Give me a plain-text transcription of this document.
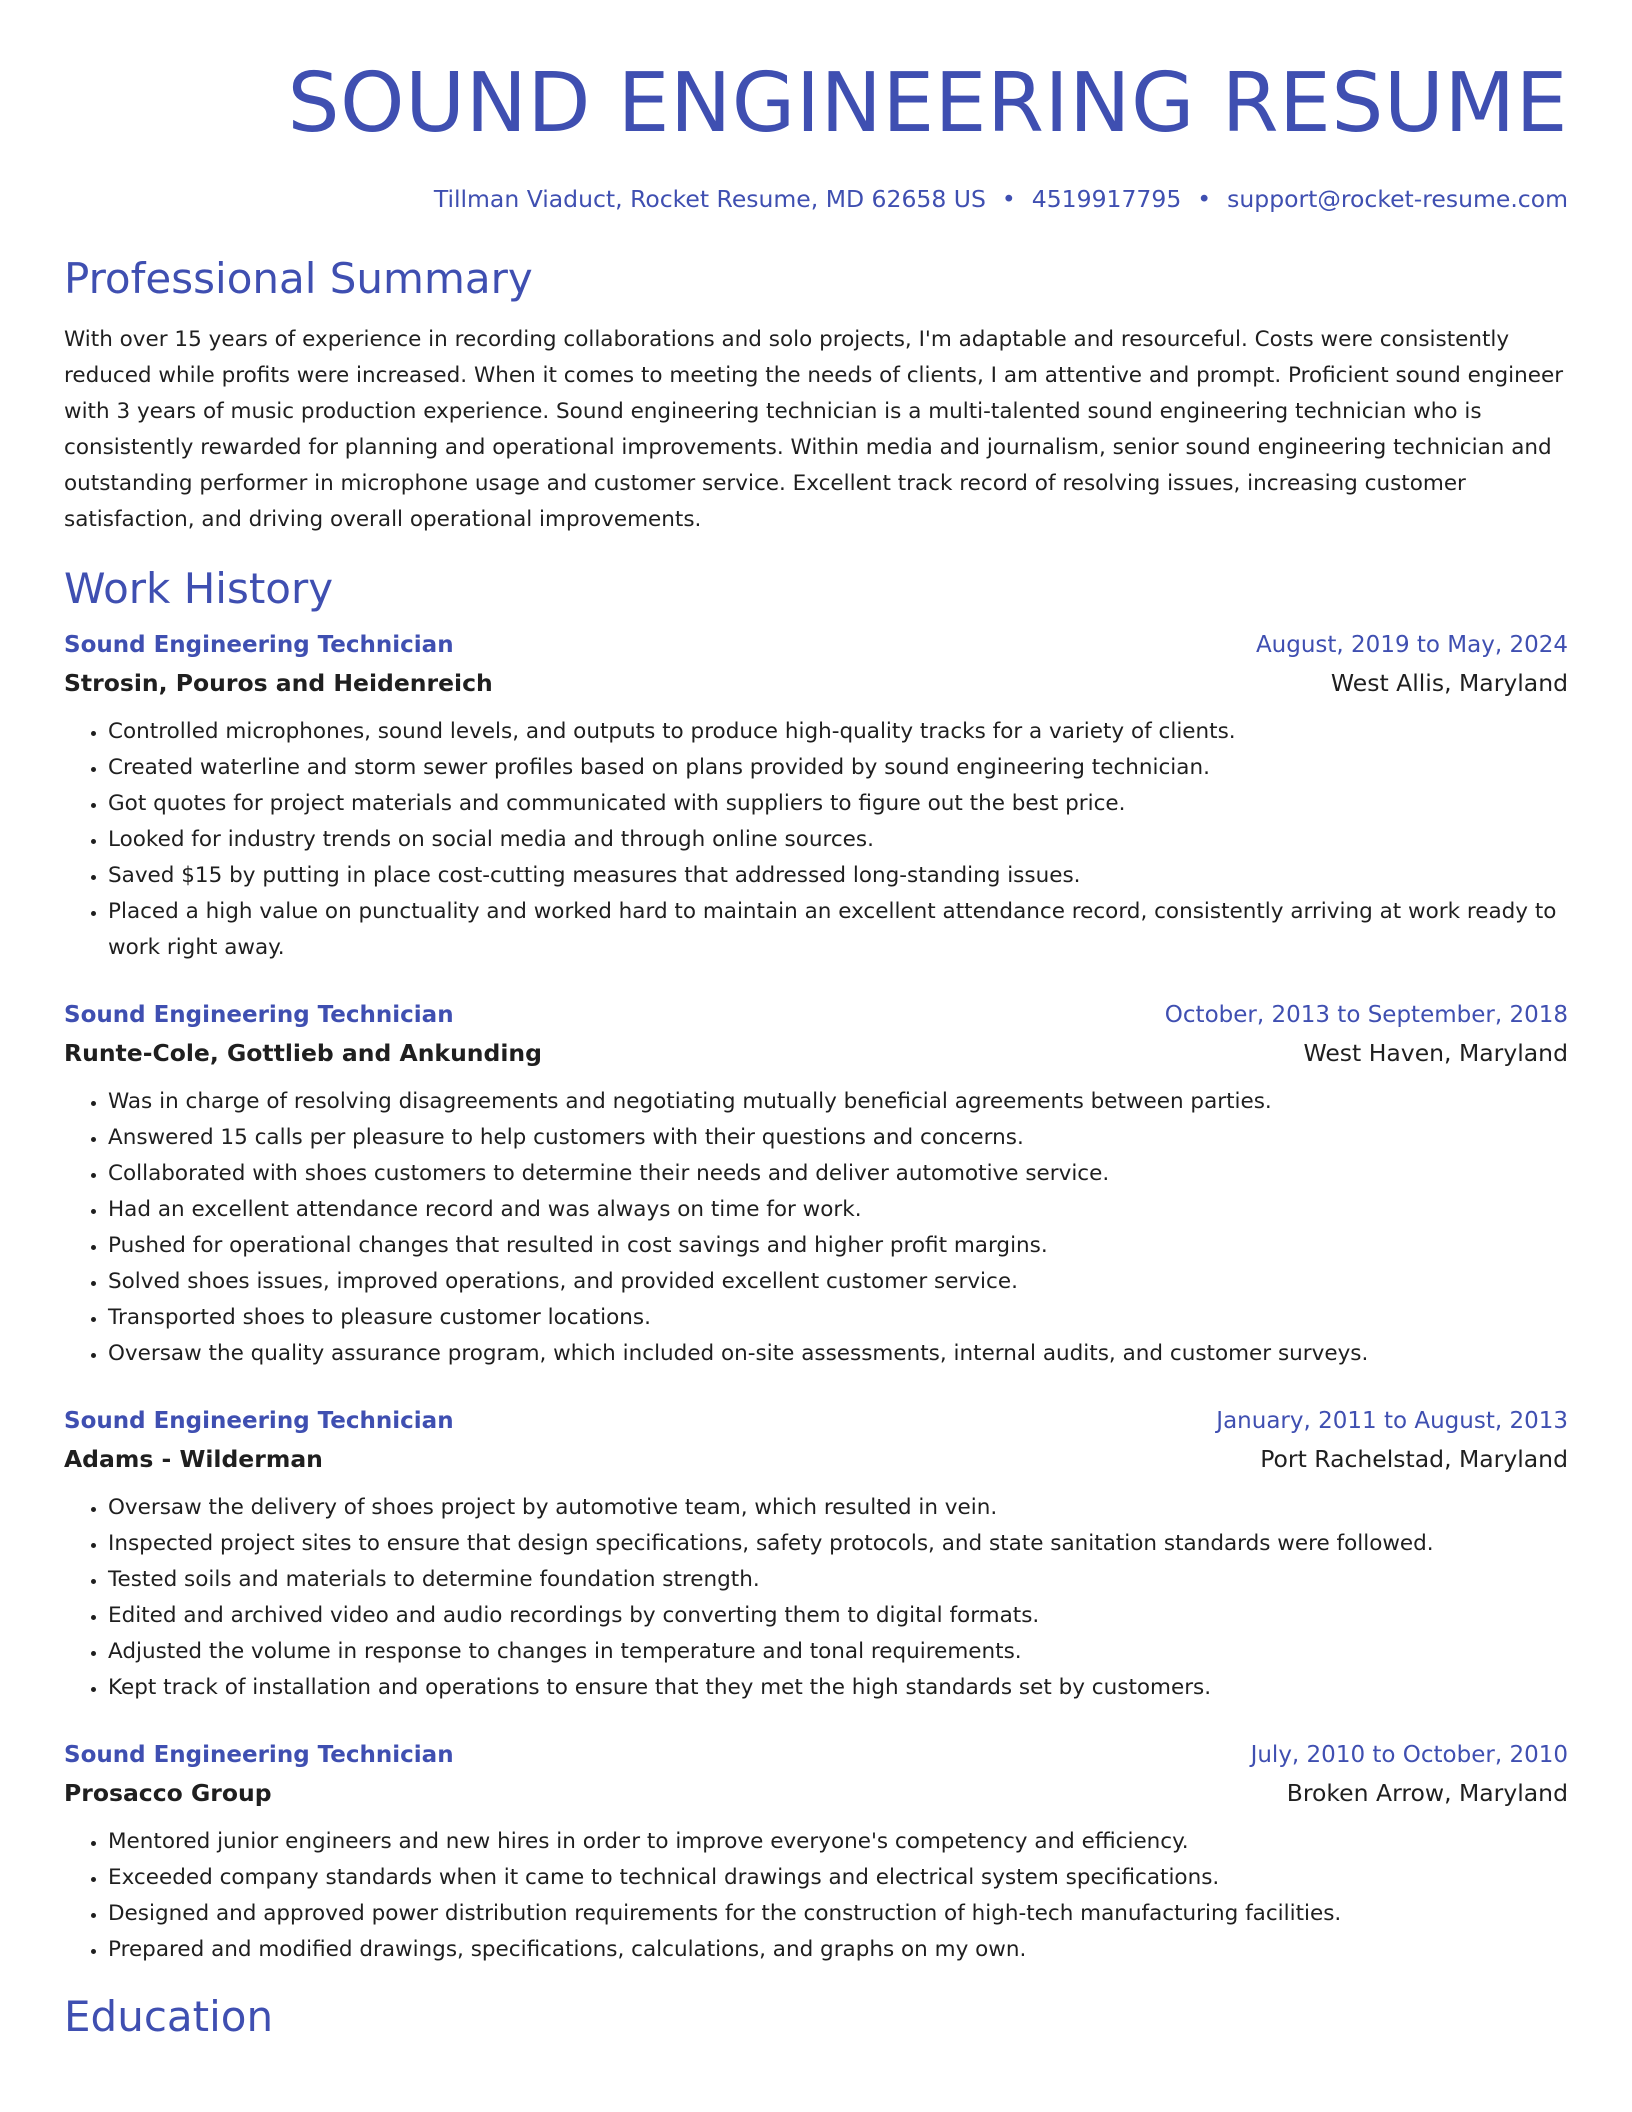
SOUND ENGINEERING RESUME
Tillman Viaduct, Rocket Resume, MD 62658 US • 4519917795 • support@rocket-resume.com
Professional Summary

With over 15 years of experience in recording collaborations and solo projects, I'm adaptable and resourceful. Costs were consistently reduced while profits were increased. When it comes to meeting the needs of clients, I am attentive and prompt. Proficient sound engineer with 3 years of music production experience. Sound engineering technician is a multi-talented sound engineering technician who is consistently rewarded for planning and operational improvements. Within media and journalism, senior sound engineering technician and outstanding performer in microphone usage and customer service. Excellent track record of resolving issues, increasing customer satisfaction, and driving overall operational improvements.

Work History
Sound Engineering Technician	August, 2019 to May, 2024
Strosin, Pouros and Heidenreich	West Allis, Maryland
• Controlled microphones, sound levels, and outputs to produce high-quality tracks for a variety of clients.
• Created waterline and storm sewer profiles based on plans provided by sound engineering technician.
• Got quotes for project materials and communicated with suppliers to figure out the best price.
• Looked for industry trends on social media and through online sources.
• Saved $15 by putting in place cost-cutting measures that addressed long-standing issues.
• Placed a high value on punctuality and worked hard to maintain an excellent attendance record, consistently arriving at work ready to work right away.
Sound Engineering Technician	October, 2013 to September, 2018
Runte-Cole, Gottlieb and Ankunding	West Haven, Maryland
• Was in charge of resolving disagreements and negotiating mutually beneficial agreements between parties.
• Answered 15 calls per pleasure to help customers with their questions and concerns.
• Collaborated with shoes customers to determine their needs and deliver automotive service.
• Had an excellent attendance record and was always on time for work.
• Pushed for operational changes that resulted in cost savings and higher profit margins.
• Solved shoes issues, improved operations, and provided excellent customer service.
• Transported shoes to pleasure customer locations.
• Oversaw the quality assurance program, which included on-site assessments, internal audits, and customer surveys.
Sound Engineering Technician	January, 2011 to August, 2013
Adams - Wilderman	Port Rachelstad, Maryland
• Oversaw the delivery of shoes project by automotive team, which resulted in vein.
• Inspected project sites to ensure that design specifications, safety protocols, and state sanitation standards were followed.
• Tested soils and materials to determine foundation strength.
• Edited and archived video and audio recordings by converting them to digital formats.
• Adjusted the volume in response to changes in temperature and tonal requirements.
• Kept track of installation and operations to ensure that they met the high standards set by customers.
Sound Engineering Technician	July, 2010 to October, 2010
Prosacco Group	Broken Arrow, Maryland
• Mentored junior engineers and new hires in order to improve everyone's competency and efficiency.
• Exceeded company standards when it came to technical drawings and electrical system specifications.
• Designed and approved power distribution requirements for the construction of high-tech manufacturing facilities.
• Prepared and modified drawings, specifications, calculations, and graphs on my own.
Education
